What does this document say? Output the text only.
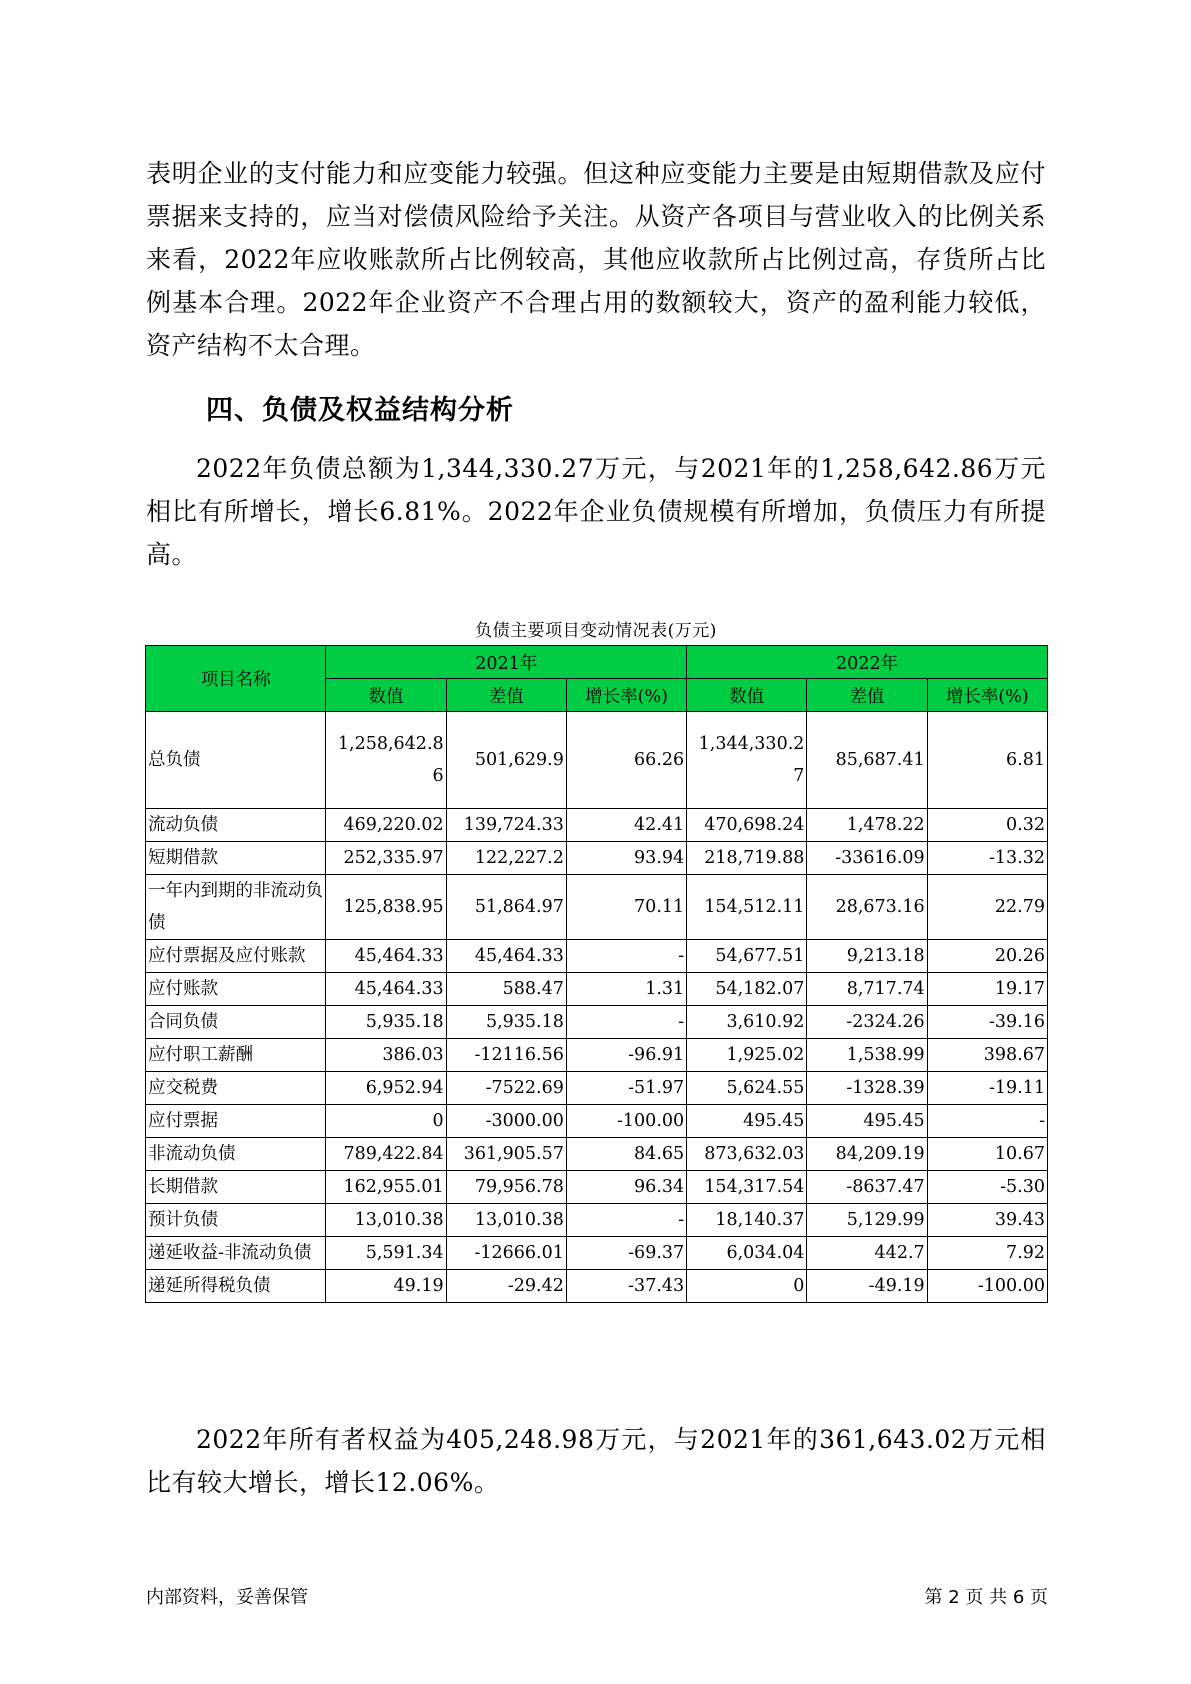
表明企业的支付能力和应变能力较强。但这种应变能力主要是由短期借款及应付票据来支持的，应当对偿债风险给予关注。从资产各项目与营业收入的比例关系来看，2022年应收账款所占比例较高，其他应收款所占比例过高，存货所占比例基本合理。2022年企业资产不合理占用的数额较大，资产的盈利能力较低，资产结构不太合理。
四、负债及权益结构分析
2022年负债总额为1,344,330.27万元，与2021年的1,258,642.86万元相比有所增长，增长6.81%。2022年企业负债规模有所增加，负债压力有所提高。
负债主要项目变动情况表(万元)
项目名称	2021年			2022年		
	数值	差值	增长率(%)	数值	差值	增长率(%)
总负债	1,258,642.86	501,629.9	66.26	1,344,330.27	85,687.41	6.81
流动负债	469,220.02	139,724.33	42.41	470,698.24	1,478.22	0.32
短期借款	252,335.97	122,227.2	93.94	218,719.88	-33616.09	-13.32
一年内到期的非流动负债	125,838.95	51,864.97	70.11	154,512.11	28,673.16	22.79
应付票据及应付账款	45,464.33	45,464.33	-	54,677.51	9,213.18	20.26
应付账款	45,464.33	588.47	1.31	54,182.07	8,717.74	19.17
合同负债	5,935.18	5,935.18	-	3,610.92	-2324.26	-39.16
应付职工薪酬	386.03	-12116.56	-96.91	1,925.02	1,538.99	398.67
应交税费	6,952.94	-7522.69	-51.97	5,624.55	-1328.39	-19.11
应付票据	0	-3000.00	-100.00	495.45	495.45	-
非流动负债	789,422.84	361,905.57	84.65	873,632.03	84,209.19	10.67
长期借款	162,955.01	79,956.78	96.34	154,317.54	-8637.47	-5.30
预计负债	13,010.38	13,010.38	-	18,140.37	5,129.99	39.43
递延收益-非流动负债	5,591.34	-12666.01	-69.37	6,034.04	442.7	7.92
递延所得税负债	49.19	-29.42	-37.43	0	-49.19	-100.00
2022年所有者权益为405,248.98万元，与2021年的361,643.02万元相比有较大增长，增长12.06%。
内部资料，妥善保管	第 2 页 共 6 页
